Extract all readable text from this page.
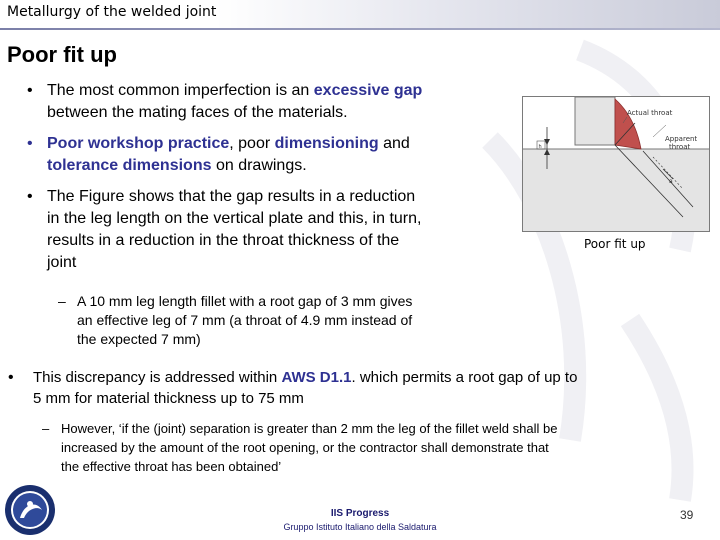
Metallurgy of the welded joint
Poor fit up
• The most common imperfection is an excessive gap
between the mating faces of the materials.
• Poor workshop practice, poor dimensioning and
tolerance dimensions on drawings.
• The Figure shows that the gap results in a reduction
in the leg length on the vertical plate and this, in turn,
results in a reduction in the throat thickness of the
joint
– A 10 mm leg length fillet with a root gap of 3 mm gives
an effective leg of 7 mm (a throat of 4.9 mm instead of
the expected 7 mm)
• This discrepancy is addressed within AWS D1.1. which permits a root gap of up to
5 mm for material thickness up to 75 mm
– However, ‘if the (joint) separation is greater than 2 mm the leg of the fillet weld shall be
increased by the amount of the root opening, or the contractor shall demonstrate that
the effective throat has been obtained’
h
Actual throat
Apparent
throat
a
Poor fit up
IIS Progress
Gruppo Istituto Italiano della Saldatura
39
